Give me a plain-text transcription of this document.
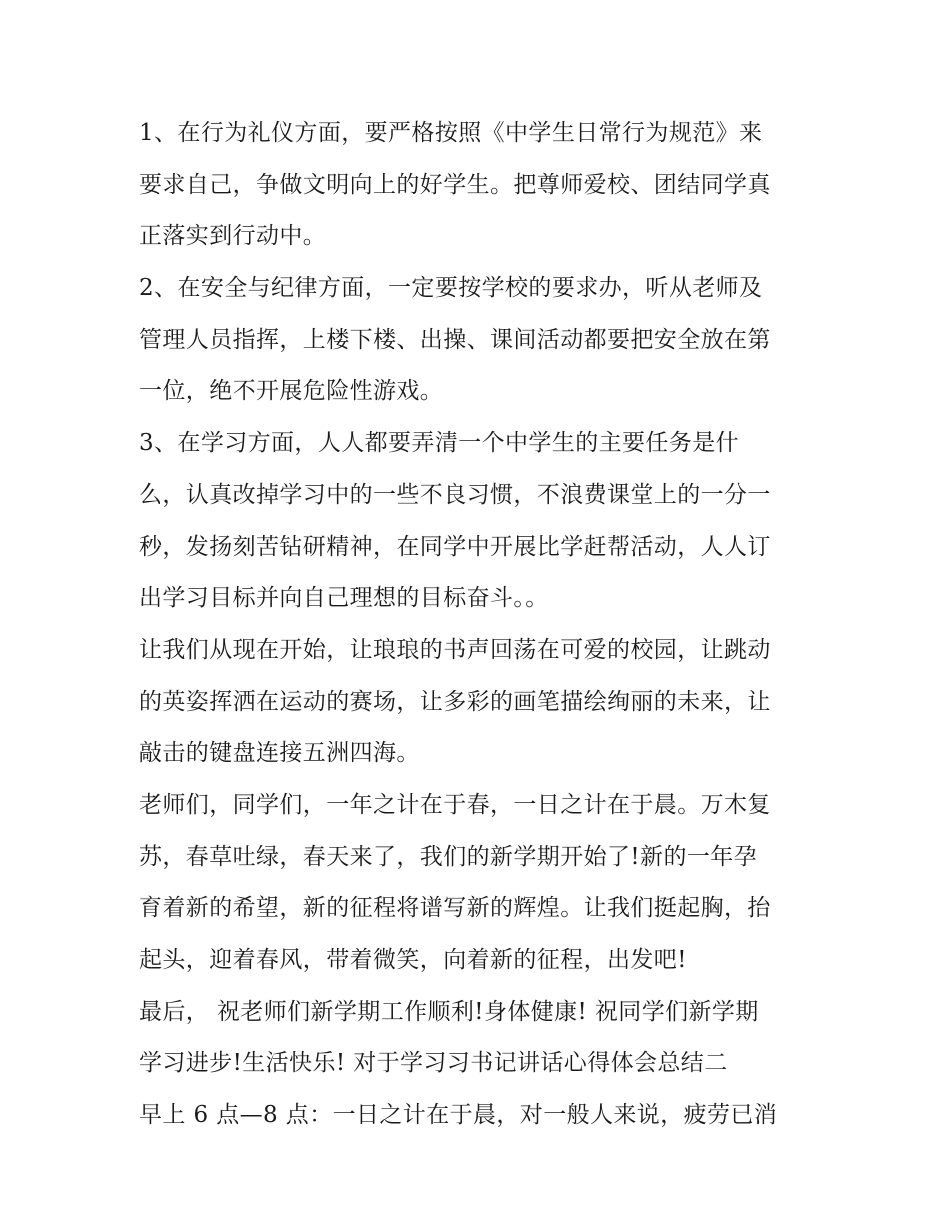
1、在行为礼仪方面，要严格按照《中学生日常行为规范》来
要求自己，争做文明向上的好学生。把尊师爱校、团结同学真
正落实到行动中。
2、在安全与纪律方面，一定要按学校的要求办，听从老师及
管理人员指挥，上楼下楼、出操、课间活动都要把安全放在第
一位，绝不开展危险性游戏。
3、在学习方面，人人都要弄清一个中学生的主要任务是什
么，认真改掉学习中的一些不良习惯，不浪费课堂上的一分一
秒，发扬刻苦钻研精神，在同学中开展比学赶帮活动，人人订
出学习目标并向自己理想的目标奋斗。。
让我们从现在开始，让琅琅的书声回荡在可爱的校园，让跳动
的英姿挥洒在运动的赛场，让多彩的画笔描绘绚丽的未来，让
敲击的键盘连接五洲四海。
老师们，同学们，一年之计在于春，一日之计在于晨。万木复
苏，春草吐绿，春天来了，我们的新学期开始了!新的一年孕
育着新的希望，新的征程将谱写新的辉煌。让我们挺起胸，抬
起头，迎着春风，带着微笑，向着新的征程，出发吧!
最后， 祝老师们新学期工作顺利!身体健康! 祝同学们新学期
学习进步!生活快乐! 对于学习习书记讲话心得体会总结二
早上 6 点—8 点：一日之计在于晨，对一般人来说，疲劳已消
